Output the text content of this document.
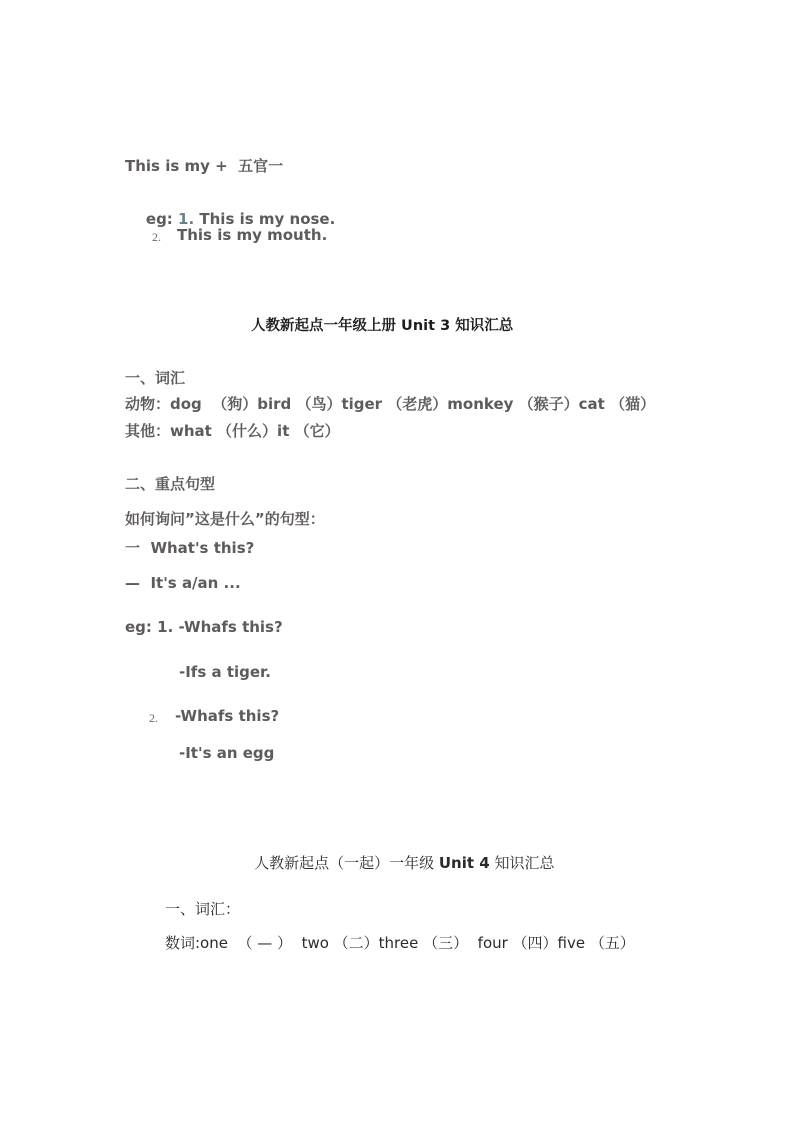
This is my +  五官一

eg: 1. This is my nose.

2. This is my mouth.
人教新起点一年级上册 Unit 3 知识汇总
一、词汇
动物：dog  （狗）bird （鸟）tiger （老虎）monkey （猴子）cat （猫）
其他：what （什么）it （它）
二、重点句型
如何询问”这是什么”的句型：
一  What's this?
—  It's a/an ...
eg: 1. -Whafs this?
-Ifs a tiger.
2. -Whafs this?
-It's an egg

人教新起点（一起）一年级 Unit 4 知识汇总

一、词汇：
数词:one  （ — ）  two （二）three （三）  four （四）five （五）
